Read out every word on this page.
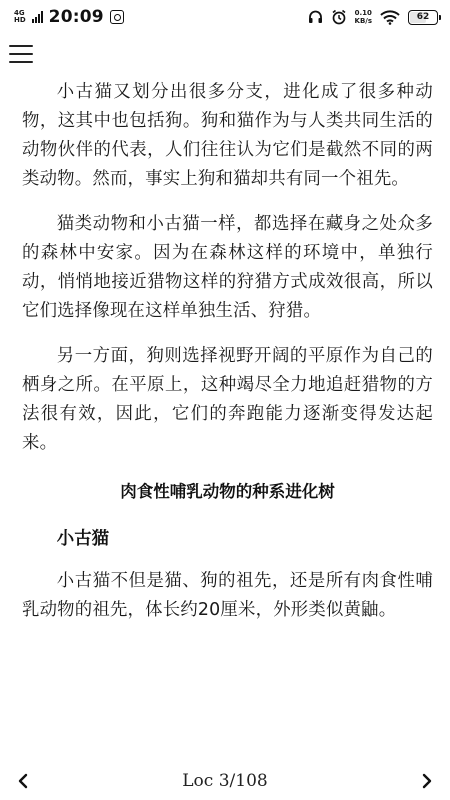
4G
HD 20:09	0.10
KB/s	62

小古猫又划分出很多分支，进化成了很多种动物，这其中也包括狗。狗和猫作为与人类共同生活的动物伙伴的代表，人们往往认为它们是截然不同的两类动物。然而，事实上狗和猫却共有同一个祖先。

猫类动物和小古猫一样，都选择在藏身之处众多的森林中安家。因为在森林这样的环境中，单独行动，悄悄地接近猎物这样的狩猎方式成效很高，所以它们选择像现在这样单独生活、狩猎。

另一方面，狗则选择视野开阔的平原作为自己的栖身之所。在平原上，这种竭尽全力地追赶猎物的方法很有效，因此，它们的奔跑能力逐渐变得发达起来。

肉食性哺乳动物的种系进化树
小古猫

小古猫不但是猫、狗的祖先，还是所有肉食性哺乳动物的祖先，体长约20厘米，外形类似黄鼬。

Loc 3/108
